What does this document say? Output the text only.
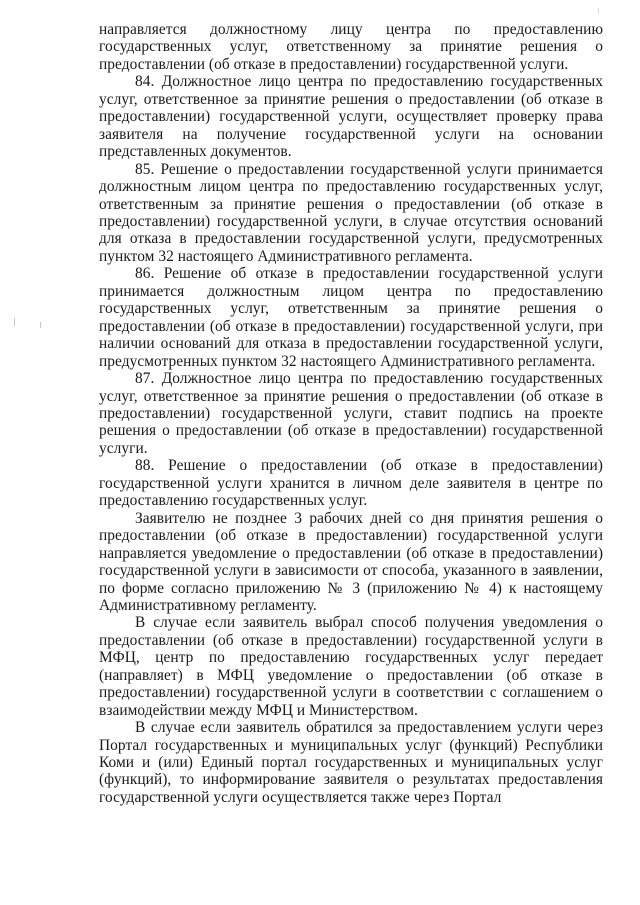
направляется должностному лицу центра по предоставлению государственных услуг, ответственному за принятие решения о предоставлении (об отказе в предоставлении) государственной услуги.

84. Должностное лицо центра по предоставлению государственных услуг, ответственное за принятие решения о предоставлении (об отказе в предоставлении) государственной услуги, осуществляет проверку права заявителя на получение государственной услуги на основании представленных документов.

85. Решение о предоставлении государственной услуги принимается должностным лицом центра по предоставлению государственных услуг, ответственным за принятие решения о предоставлении (об отказе в предоставлении) государственной услуги, в случае отсутствия оснований для отказа в предоставлении государственной услуги, предусмотренных пунктом 32 настоящего Административного регламента.

86. Решение об отказе в предоставлении государственной услуги принимается должностным лицом центра по предоставлению государственных услуг, ответственным за принятие решения о предоставлении (об отказе в предоставлении) государственной услуги, при наличии оснований для отказа в предоставлении государственной услуги, предусмотренных пунктом 32 настоящего Административного регламента.

87. Должностное лицо центра по предоставлению государственных услуг, ответственное за принятие решения о предоставлении (об отказе в предоставлении) государственной услуги, ставит подпись на проекте решения о предоставлении (об отказе в предоставлении) государственной услуги.

88. Решение о предоставлении (об отказе в предоставлении) государственной услуги хранится в личном деле заявителя в центре по предоставлению государственных услуг.

Заявителю не позднее 3 рабочих дней со дня принятия решения о предоставлении (об отказе в предоставлении) государственной услуги направляется уведомление о предоставлении (об отказе в предоставлении) государственной услуги в зависимости от способа, указанного в заявлении, по форме согласно приложению № 3 (приложению № 4) к настоящему Административному регламенту.

В случае если заявитель выбрал способ получения уведомления о предоставлении (об отказе в предоставлении) государственной услуги в МФЦ, центр по предоставлению государственных услуг передает (направляет) в МФЦ уведомление о предоставлении (об отказе в предоставлении) государственной услуги в соответствии с соглашением о взаимодействии между МФЦ и Министерством.

В случае если заявитель обратился за предоставлением услуги через Портал государственных и муниципальных услуг (функций) Республики Коми и (или) Единый портал государственных и муниципальных услуг (функций), то информирование заявителя о результатах предоставления государственной услуги осуществляется также через Портал
